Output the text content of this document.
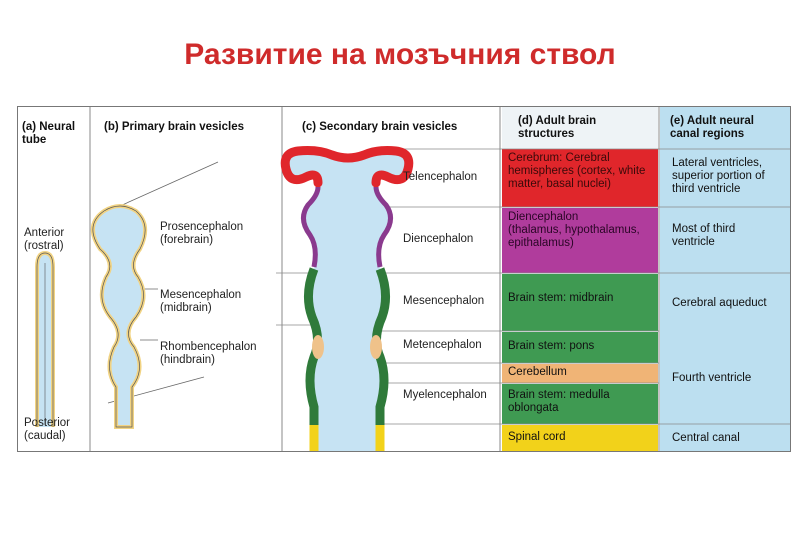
Развитие на мозъчния ствол
Cerebrum: Cerebral hemispheres (cortex, white matter, basal nuclei)
Diencephalon
(thalamus, hypothalamus, epithalamus)
Brain stem: midbrain
Brain stem: pons
Cerebellum
Brain stem: medulla oblongata
Spinal cord
Lateral ventricles, superior portion of third ventricle
Most of third ventricle
Cerebral aqueduct
Fourth ventricle
Central canal
(a) Neural
tube
(b) Primary brain vesicles	(c) Secondary brain vesicles	(d) Adult brain
structures
(e) Adult neural
canal regions
Anterior
(rostral)
Posterior
(caudal)
Prosencephalon
(forebrain)
Mesencephalon
(midbrain)
Rhombencephalon
(hindbrain)
Telencephalon
Diencephalon
Mesencephalon
Metencephalon
Myelencephalon
